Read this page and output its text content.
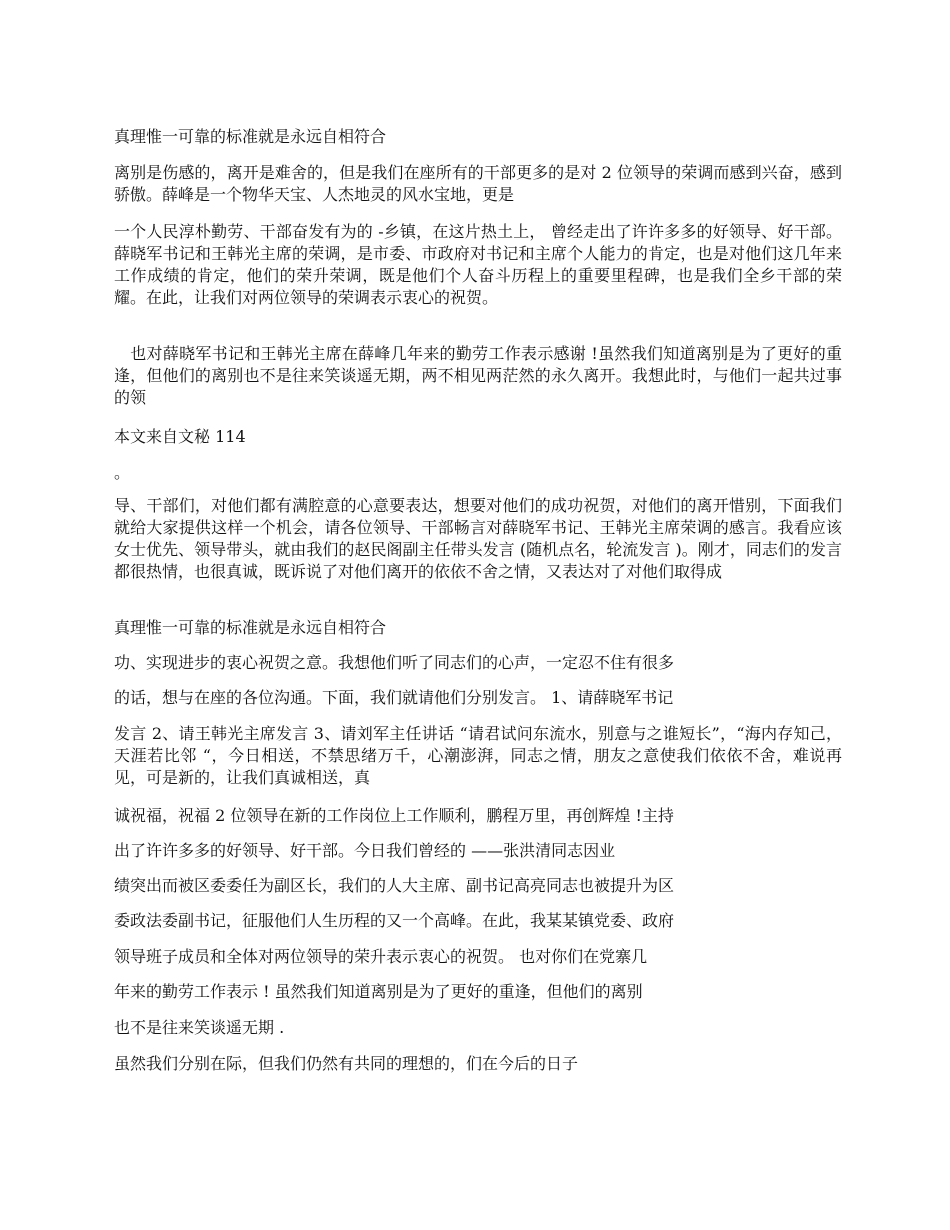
真理惟一可靠的标准就是永远自相符合

离别是伤感的，离开是难舍的，但是我们在座所有的干部更多的是对 2 位领导的荣调而感到兴奋，感到骄傲。薛峰是一个物华天宝、人杰地灵的风水宝地，更是

一个人民淳朴勤劳、干部奋发有为的 -乡镇，在这片热土上， 曾经走出了许许多多的好领导、好干部。薛晓军书记和王韩光主席的荣调，是市委、市政府对书记和主席个人能力的肯定，也是对他们这几年来工作成绩的肯定，他们的荣升荣调，既是他们个人奋斗历程上的重要里程碑，也是我们全乡干部的荣耀。在此，让我们对两位领导的荣调表示衷心的祝贺。

　也对薛晓军书记和王韩光主席在薛峰几年来的勤劳工作表示感谢 !虽然我们知道离别是为了更好的重逢，但他们的离别也不是往来笑谈遥无期，两不相见两茫然的永久离开。我想此时，与他们一起共过事的领

本文来自文秘 114

。

导、干部们，对他们都有满腔意的心意要表达，想要对他们的成功祝贺，对他们的离开惜别，下面我们就给大家提供这样一个机会，请各位领导、干部畅言对薛晓军书记、王韩光主席荣调的感言。我看应该女士优先、领导带头，就由我们的赵民阁副主任带头发言 (随机点名，轮流发言 )。刚才，同志们的发言都很热情，也很真诚，既诉说了对他们离开的依依不舍之情，又表达对了对他们取得成

真理惟一可靠的标准就是永远自相符合

功、实现进步的衷心祝贺之意。我想他们听了同志们的心声，一定忍不住有很多

的话，想与在座的各位沟通。下面，我们就请他们分别发言。 1、请薛晓军书记

发言 2、请王韩光主席发言 3、请刘军主任讲话 “请君试问东流水，别意与之谁短长”，“海内存知己，天涯若比邻 “，今日相送，不禁思绪万千，心潮澎湃，同志之情，朋友之意使我们依依不舍，难说再见，可是新的，让我们真诚相送，真

诚祝福，祝福 2 位领导在新的工作岗位上工作顺利，鹏程万里，再创辉煌 !主持

出了许许多多的好领导、好干部。今日我们曾经的 ——张洪清同志因业

绩突出而被区委委任为副区长，我们的人大主席、副书记高亮同志也被提升为区

委政法委副书记，征服他们人生历程的又一个高峰。在此，我某某镇党委、政府

领导班子成员和全体对两位领导的荣升表示衷心的祝贺。 也对你们在党寨几

年来的勤劳工作表示 ! 虽然我们知道离别是为了更好的重逢，但他们的离别

也不是往来笑谈遥无期 .

虽然我们分别在际，但我们仍然有共同的理想的，们在今后的日子
